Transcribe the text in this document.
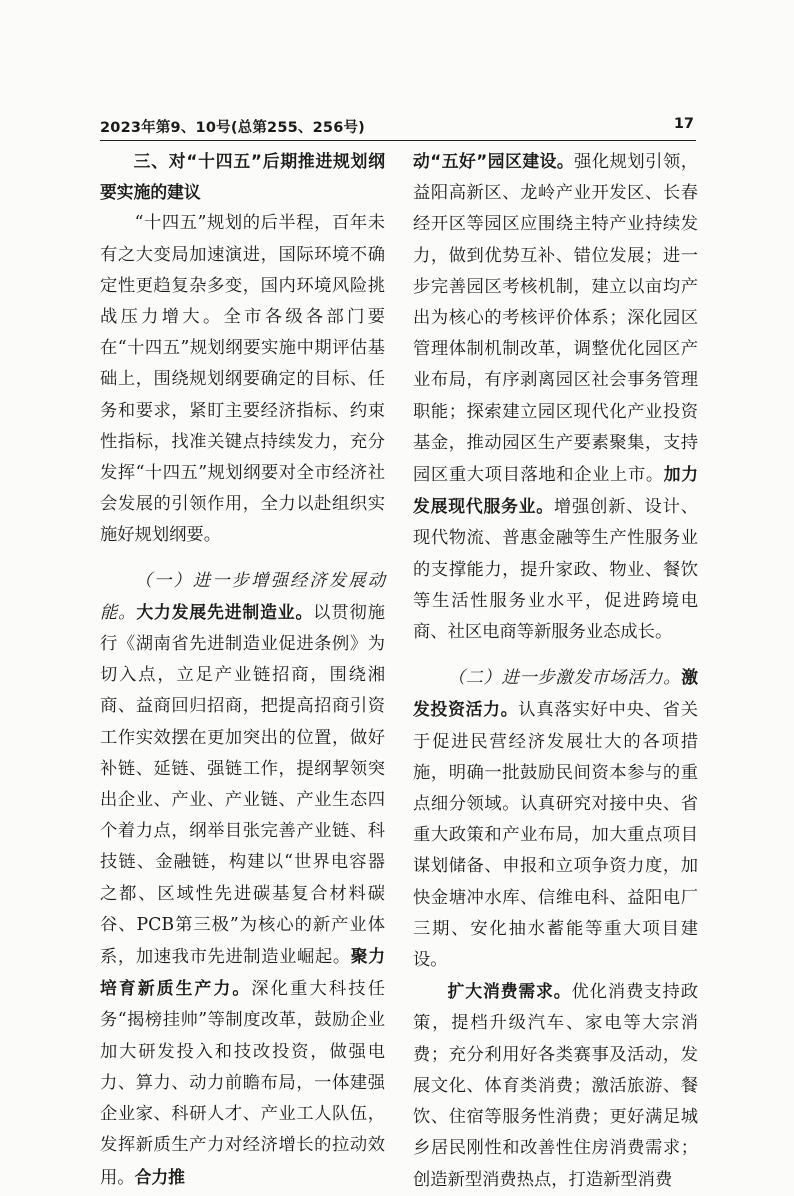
2023年第9、10号(总第255、256号)	17

三、对“十四五”后期推进规划纲要实施的建议

“十四五”规划的后半程，百年未有之大变局加速演进，国际环境不确定性更趋复杂多变，国内环境风险挑战压力增大。全市各级各部门要在“十四五”规划纲要实施中期评估基础上，围绕规划纲要确定的目标、任务和要求，紧盯主要经济指标、约束性指标，找准关键点持续发力，充分发挥“十四五”规划纲要对全市经济社会发展的引领作用，全力以赴组织实施好规划纲要。

（一）进一步增强经济发展动能。大力发展先进制造业。以贯彻施行《湖南省先进制造业促进条例》为切入点，立足产业链招商，围绕湘商、益商回归招商，把提高招商引资工作实效摆在更加突出的位置，做好补链、延链、强链工作，提纲挈领突出企业、产业、产业链、产业生态四个着力点，纲举目张完善产业链、科技链、金融链，构建以“世界电容器之都、区域性先进碳基复合材料碳谷、PCB第三极”为核心的新产业体系，加速我市先进制造业崛起。聚力培育新质生产力。深化重大科技任务“揭榜挂帅”等制度改革，鼓励企业加大研发投入和技改投资，做强电力、算力、动力前瞻布局，一体建强企业家、科研人才、产业工人队伍，发挥新质生产力对经济增长的拉动效用。合力推

动“五好”园区建设。强化规划引领，益阳高新区、龙岭产业开发区、长春经开区等园区应围绕主特产业持续发力，做到优势互补、错位发展；进一步完善园区考核机制，建立以亩均产出为核心的考核评价体系；深化园区管理体制机制改革，调整优化园区产业布局，有序剥离园区社会事务管理职能；探索建立园区现代化产业投资基金，推动园区生产要素聚集，支持园区重大项目落地和企业上市。加力发展现代服务业。增强创新、设计、现代物流、普惠金融等生产性服务业的支撑能力，提升家政、物业、餐饮等生活性服务业水平，促进跨境电商、社区电商等新服务业态成长。

（二）进一步激发市场活力。激发投资活力。认真落实好中央、省关于促进民营经济发展壮大的各项措施，明确一批鼓励民间资本参与的重点细分领域。认真研究对接中央、省重大政策和产业布局，加大重点项目谋划储备、申报和立项争资力度，加快金塘冲水库、信维电科、益阳电厂三期、安化抽水蓄能等重大项目建设。

扩大消费需求。优化消费支持政策，提档升级汽车、家电等大宗消费；充分利用好各类赛事及活动，发展文化、体育类消费；激活旅游、餐饮、住宿等服务性消费；更好满足城乡居民刚性和改善性住房消费需求；创造新型消费热点，打造新型消费
